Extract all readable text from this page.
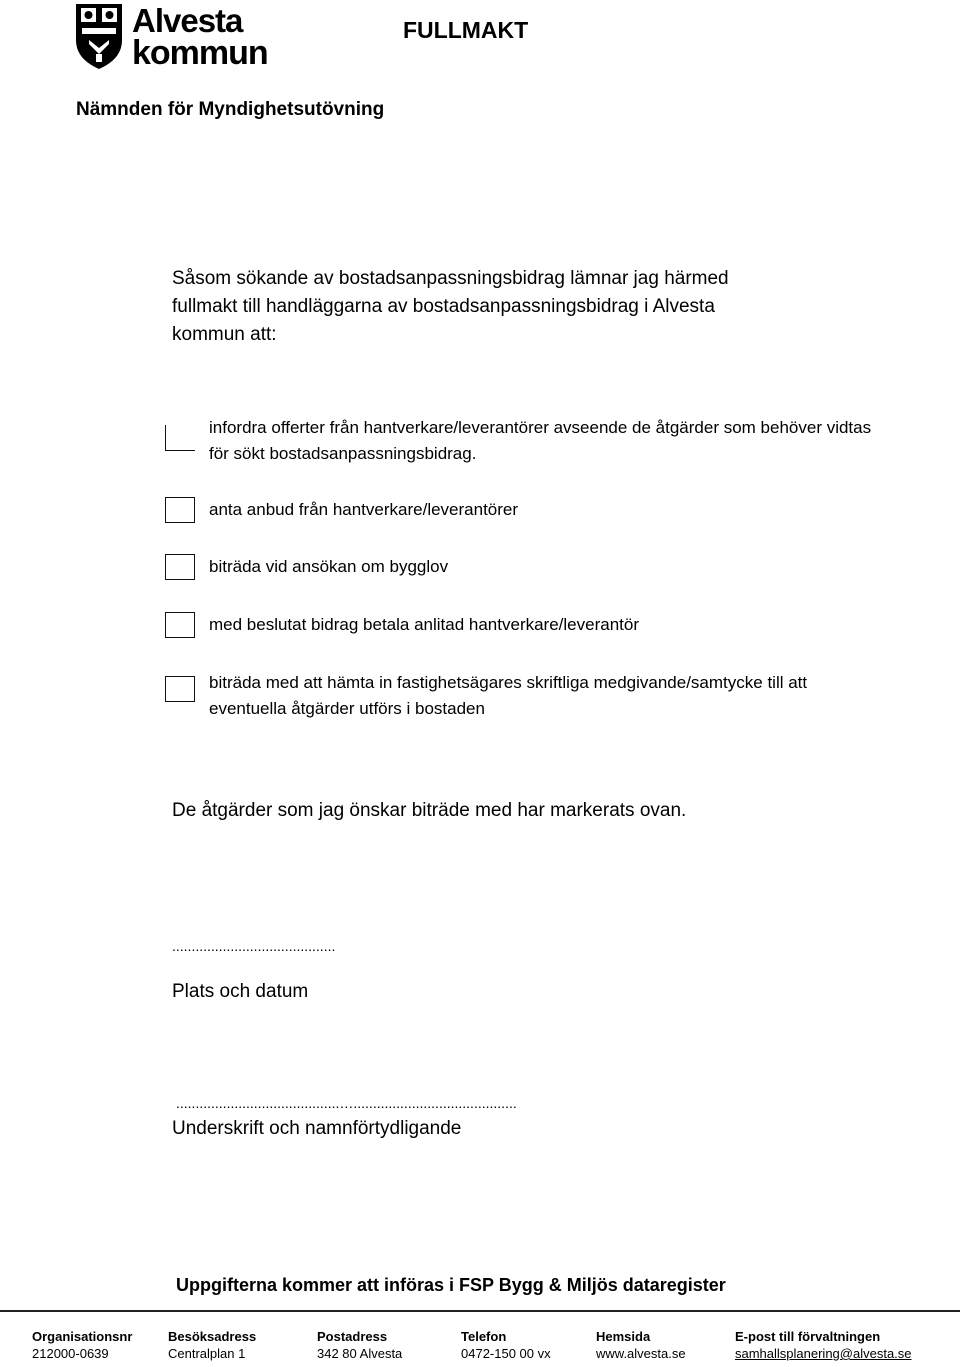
Alvesta
kommun
FULLMAKT
Nämnden för Myndighetsutövning
Såsom sökande av bostadsanpassningsbidrag lämnar jag härmed fullmakt till handläggarna av bostadsanpassningsbidrag i Alvesta kommun att:
infordra offerter från hantverkare/leverantörer avseende de åtgärder som behöver vidtas för sökt bostadsanpassningsbidrag.
anta anbud från hantverkare/leverantörer
biträda vid ansökan om bygglov
med beslutat bidrag betala anlitad hantverkare/leverantör
biträda med att hämta in fastighetsägares skriftliga medgivande/samtycke till att eventuella åtgärder utförs i bostaden
De åtgärder som jag önskar biträde med har markerats ovan.
..........................................
Plats och datum
..........................................…..........................................
Underskrift och namnförtydligande
Uppgifterna kommer att införas i FSP Bygg & Miljös dataregister
Organisationsnr
212000-0639
Besöksadress
Centralplan 1
Postadress
342 80 Alvesta
Telefon
0472-150 00 vx
Hemsida
www.alvesta.se
E-post till förvaltningen
samhallsplanering@alvesta.se
